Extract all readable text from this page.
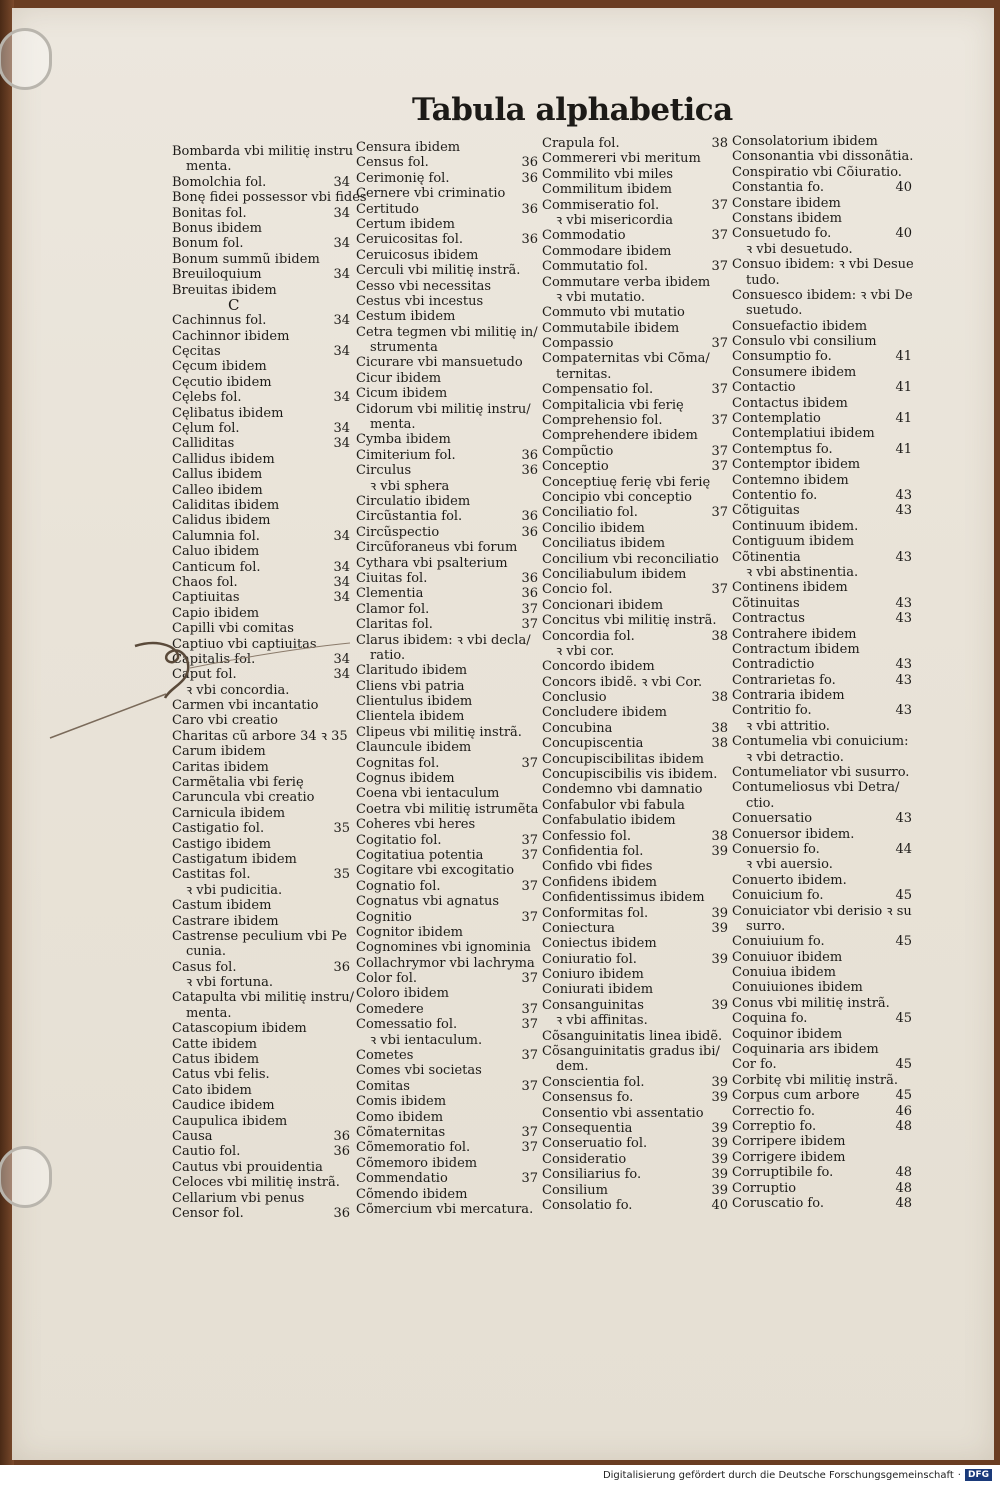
Tabula alphabetica
Bombarda vbi militię instru
menta.
Bomolchia fol.	34
Bonę fidei possessor vbi fides
Bonitas fol.	34
Bonus ibidem
Bonum fol.	34
Bonum summũ ibidem
Breuiloquium	34
Breuitas ibidem
C
Cachinnus fol.	34
Cachinnor ibidem
Cęcitas	34
Cęcum ibidem
Cęcutio ibidem
Cęlebs fol.	34
Cęlibatus ibidem
Cęlum fol.	34
Calliditas	34
Callidus ibidem
Callus ibidem
Calleo ibidem
Caliditas ibidem
Calidus ibidem
Calumnia fol.	34
Caluo ibidem
Canticum fol.	34
Chaos fol.	34
Captiuitas	34
Capio ibidem
Capilli vbi comitas
Captiuo vbi captiuitas
Capitalis fol.	34
Caput fol.	34
ꝛ vbi concordia.
Carmen vbi incantatio
Caro vbi creatio
Charitas cũ arbore 34 ꝛ 35
Carum ibidem
Caritas ibidem
Carmẽtalia vbi ferię
Caruncula vbi creatio
Carnicula ibidem
Castigatio fol.	35
Castigo ibidem
Castigatum ibidem
Castitas fol.	35
ꝛ vbi pudicitia.
Castum ibidem
Castrare ibidem
Castrense peculium vbi Pe
cunia.
Casus fol.	36
ꝛ vbi fortuna.
Catapulta vbi militię instru/
menta.
Catascopium ibidem
Catte ibidem
Catus ibidem
Catus vbi felis.
Cato ibidem
Caudice ibidem
Caupulica ibidem
Causa	36
Cautio fol.	36
Cautus vbi prouidentia
Celoces vbi militię instrã.
Cellarium vbi penus
Censor fol.	36
Censura ibidem
Census fol.	36
Cerimonię fol.	36
Cernere vbi criminatio
Certitudo	36
Certum ibidem
Ceruicositas fol.	36
Ceruicosus ibidem
Cerculi vbi militię instrã.
Cesso vbi necessitas
Cestus vbi incestus
Cestum ibidem
Cetra tegmen vbi militię in/
strumenta
Cicurare vbi mansuetudo
Cicur ibidem
Cicum ibidem
Cidorum vbi militię instru/
menta.
Cymba ibidem
Cimiterium fol.	36
Circulus	36
ꝛ vbi sphera
Circulatio ibidem
Circũstantia fol.	36
Circũspectio	36
Circũforaneus vbi forum
Cythara vbi psalterium
Ciuitas fol.	36
Clementia	36
Clamor fol.	37
Claritas fol.	37
Clarus ibidem: ꝛ vbi decla/
ratio.
Claritudo ibidem
Cliens vbi patria
Clientulus ibidem
Clientela ibidem
Clipeus vbi militię instrã.
Clauncule ibidem
Cognitas fol.	37
Cognus ibidem
Coena vbi ientaculum
Coetra vbi militię istrumẽta
Coheres vbi heres
Cogitatio fol.	37
Cogitatiua potentia	37
Cogitare vbi excogitatio
Cognatio fol.	37
Cognatus vbi agnatus
Cognitio	37
Cognitor ibidem
Cognomines vbi ignominia
Collachrymor vbi lachryma
Color fol.	37
Coloro ibidem
Comedere	37
Comessatio fol.	37
ꝛ vbi ientaculum.
Cometes	37
Comes vbi societas
Comitas	37
Comis ibidem
Como ibidem
Cõmaternitas	37
Cõmemoratio fol.	37
Cõmemoro ibidem
Commendatio	37
Cõmendo ibidem
Cõmercium vbi mercatura.
Crapula fol.	38
Commereri vbi meritum
Commilito vbi miles
Commilitum ibidem
Commiseratio fol.	37
ꝛ vbi misericordia
Commodatio	37
Commodare ibidem
Commutatio fol.	37
Commutare verba ibidem
ꝛ vbi mutatio.
Commuto vbi mutatio
Commutabile ibidem
Compassio	37
Compaternitas vbi Cõma/
ternitas.
Compensatio fol.	37
Compitalicia vbi ferię
Comprehensio fol.	37
Comprehendere ibidem
Compũctio	37
Conceptio	37
Conceptiuę ferię vbi ferię
Concipio vbi conceptio
Conciliatio fol.	37
Concilio ibidem
Conciliatus ibidem
Concilium vbi reconciliatio
Conciliabulum ibidem
Concio fol.	37
Concionari ibidem
Concitus vbi militię instrã.
Concordia fol.	38
ꝛ vbi cor.
Concordo ibidem
Concors ibidẽ. ꝛ vbi Cor.
Conclusio	38
Concludere ibidem
Concubina	38
Concupiscentia	38
Concupiscibilitas ibidem
Concupiscibilis vis ibidem.
Condemno vbi damnatio
Confabulor vbi fabula
Confabulatio ibidem
Confessio fol.	38
Confidentia fol.	39
Confido vbi fides
Confidens ibidem
Confidentissimus ibidem
Conformitas fol.	39
Coniectura	39
Coniectus ibidem
Coniuratio fol.	39
Coniuro ibidem
Coniurati ibidem
Consanguinitas	39
ꝛ vbi affinitas.
Cõsanguinitatis linea ibidẽ.
Cõsanguinitatis gradus ibi/
dem.
Conscientia fol.	39
Consensus fo.	39
Consentio vbi assentatio
Consequentia	39
Conseruatio fol.	39
Consideratio	39
Consiliarius fo.	39
Consilium	39
Consolatio fo.	40
Consolatorium ibidem
Consonantia vbi dissonãtia.
Conspiratio vbi Cõiuratio.
Constantia fo.	40
Constare ibidem
Constans ibidem
Consuetudo fo.	40
ꝛ vbi desuetudo.
Consuo ibidem: ꝛ vbi Desue
tudo.
Consuesco ibidem: ꝛ vbi De
suetudo.
Consuefactio ibidem
Consulo vbi consilium
Consumptio fo.	41
Consumere ibidem
Contactio	41
Contactus ibidem
Contemplatio	41
Contemplatiui ibidem
Contemptus fo.	41
Contemptor ibidem
Contemno ibidem
Contentio fo.	43
Cõtiguitas	43
Continuum ibidem.
Contiguum ibidem
Cõtinentia	43
ꝛ vbi abstinentia.
Continens ibidem
Cõtinuitas	43
Contractus	43
Contrahere ibidem
Contractum ibidem
Contradictio	43
Contrarietas fo.	43
Contraria ibidem
Contritio fo.	43
ꝛ vbi attritio.
Contumelia vbi conuicium:
ꝛ vbi detractio.
Contumeliator vbi susurro.
Contumeliosus vbi Detra/
ctio.
Conuersatio	43
Conuersor ibidem.
Conuersio fo.	44
ꝛ vbi auersio.
Conuerto ibidem.
Conuicium fo.	45
Conuiciator vbi derisio ꝛ su
surro.
Conuiuium fo.	45
Conuiuor ibidem
Conuiua ibidem
Conuiuiones ibidem
Conus vbi militię instrã.
Coquina fo.	45
Coquinor ibidem
Coquinaria ars ibidem
Cor fo.	45
Corbitę vbi militię instrã.
Corpus cum arbore	45
Correctio fo.	46
Correptio fo.	48
Corripere ibidem
Corrigere ibidem
Corruptibile fo.	48
Corruptio	48
Coruscatio fo.	48
Digitalisierung gefördert durch die Deutsche Forschungsgemeinschaft · DFG
